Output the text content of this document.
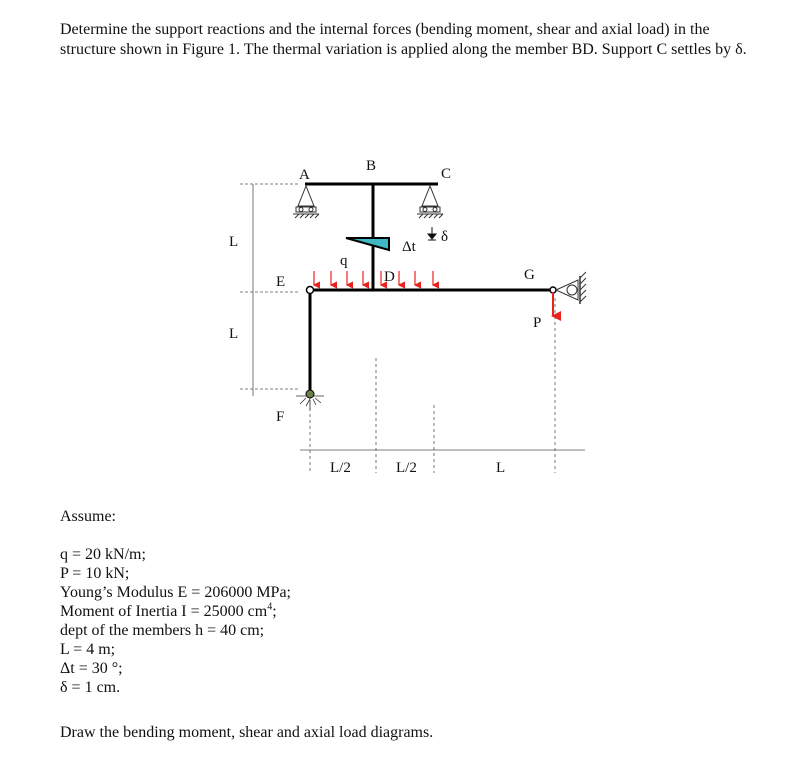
Determine the support reactions and the internal forces (bending moment, shear and axial load) in the structure shown in Figure 1. The thermal variation is applied along the member BD. Support C settles by δ.

L
L
L/2	L/2	L
A
B	C
δ
Δt
q
D
E	G
P
F

Assume:

q = 20 kN/m;
P = 10 kN;
Young’s Modulus E = 206000 MPa;
Moment of Inertia I = 25000 $cm^4$;
dept of the members h = 40 cm;
L = 4 m;
Δt = 30 °;
δ = 1 cm.

Draw the bending moment, shear and axial load diagrams.
